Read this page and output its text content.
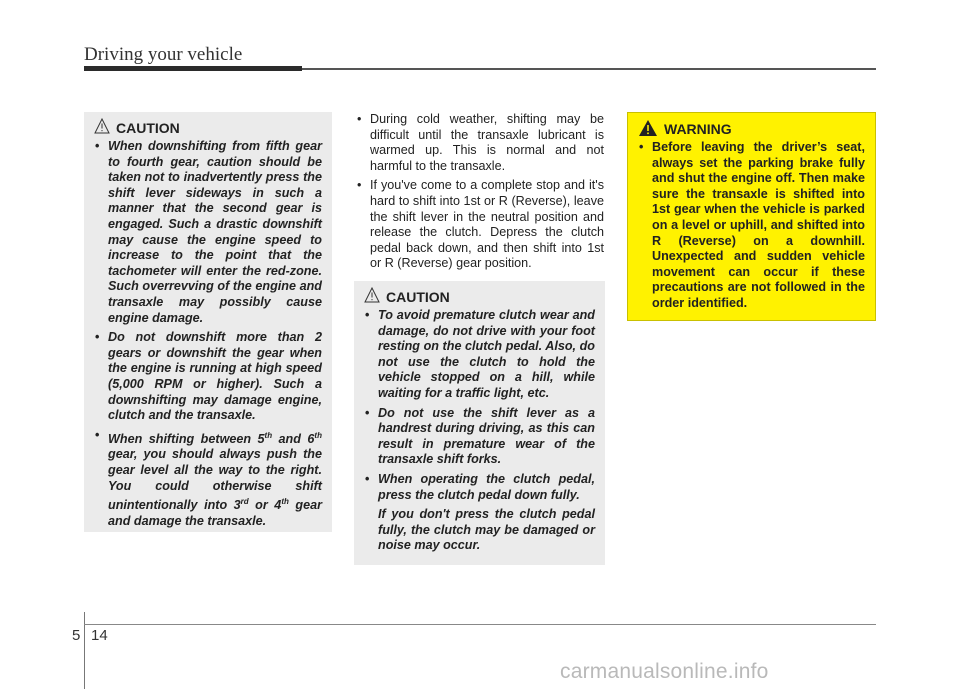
Driving your vehicle
CAUTION
• When downshifting from fifth gear to fourth gear, caution should be taken not to inadvertently press the shift lever sideways in such a manner that the second gear is engaged. Such a drastic downshift may cause the engine speed to increase to the point that the tachometer will enter the red-zone. Such overrevving of the engine and transaxle may possibly cause engine damage.
• Do not downshift more than 2 gears or downshift the gear when the engine is running at high speed (5,000 RPM or higher). Such a downshifting may damage engine, clutch and the transaxle.
• When shifting between 5th and 6th gear, you should always push the gear level all the way to the right. You could otherwise shift unintentionally into 3rd or 4th gear and damage the transaxle.
• During cold weather, shifting may be difficult until the transaxle lubricant is warmed up. This is normal and not harmful to the transaxle.
• If you've come to a complete stop and it's hard to shift into 1st or R (Reverse), leave the shift lever in the neutral position and release the clutch. Depress the clutch pedal back down, and then shift into 1st or R (Reverse) gear position.
CAUTION
• To avoid premature clutch wear and damage, do not drive with your foot resting on the clutch pedal. Also, do not use the clutch to hold the vehicle stopped on a hill, while waiting for a traffic light, etc.
• Do not use the shift lever as a handrest during driving, as this can result in premature wear of the transaxle shift forks.
• When operating the clutch pedal, press the clutch pedal down fully.

If you don't press the clutch pedal fully, the clutch may be damaged or noise may occur.

WARNING
• Before leaving the driver’s seat, always set the parking brake fully and shut the engine off. Then make sure the transaxle is shifted into 1st gear when the vehicle is parked on a level or uphill, and shifted into R (Reverse) on a downhill. Unexpected and sudden vehicle movement can occur if these precautions are not followed in the order identified.
5 14
carmanualsonline.info
